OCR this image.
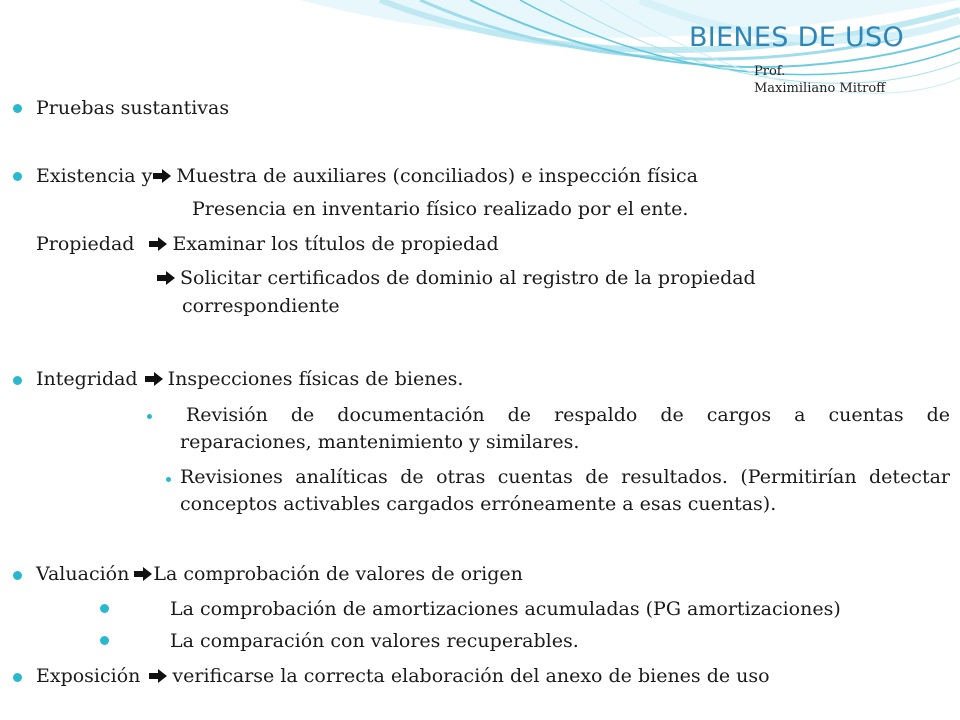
BIENES DE USO
Prof.
Maximiliano Mitroff
Pruebas sustantivas
Existencia y Muestra de auxiliares (conciliados) e inspección física
Presencia en inventario físico realizado por el ente.
Propiedad Examinar los títulos de propiedad
Solicitar certificados de dominio al registro de la propiedad
correspondiente
Integridad Inspecciones físicas de bienes.
Revisión de documentación de respaldo de cargos a cuentas de
reparaciones, mantenimiento y similares.
Revisiones analíticas de otras cuentas de resultados. (Permitirían detectar
conceptos activables cargados erróneamente a esas cuentas).
Valuación La comprobación de valores de origen
La comprobación de amortizaciones acumuladas (PG amortizaciones)
La comparación con valores recuperables.
Exposición verificarse la correcta elaboración del anexo de bienes de uso
